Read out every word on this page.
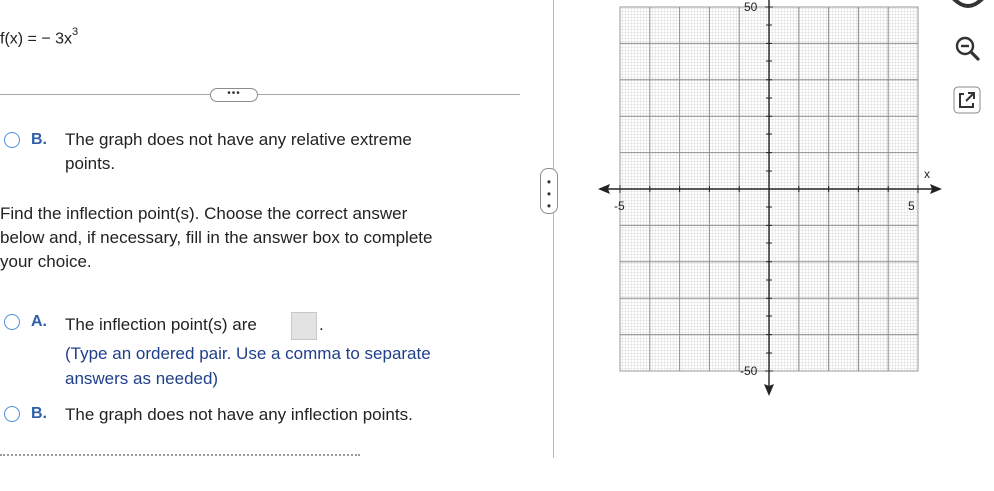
f(x) = − $3x^3$
•••
B. The graph does not have any relative extreme
points.
Find the inflection point(s). Choose the correct answer
below and, if necessary, fill in the answer box to complete
your choice.
A. The inflection point(s) are	.
(Type an ordered pair. Use a comma to separate
answers as needed)
B. The graph does not have any inflection points.
•
•
•
50
-50
-5	5
x
